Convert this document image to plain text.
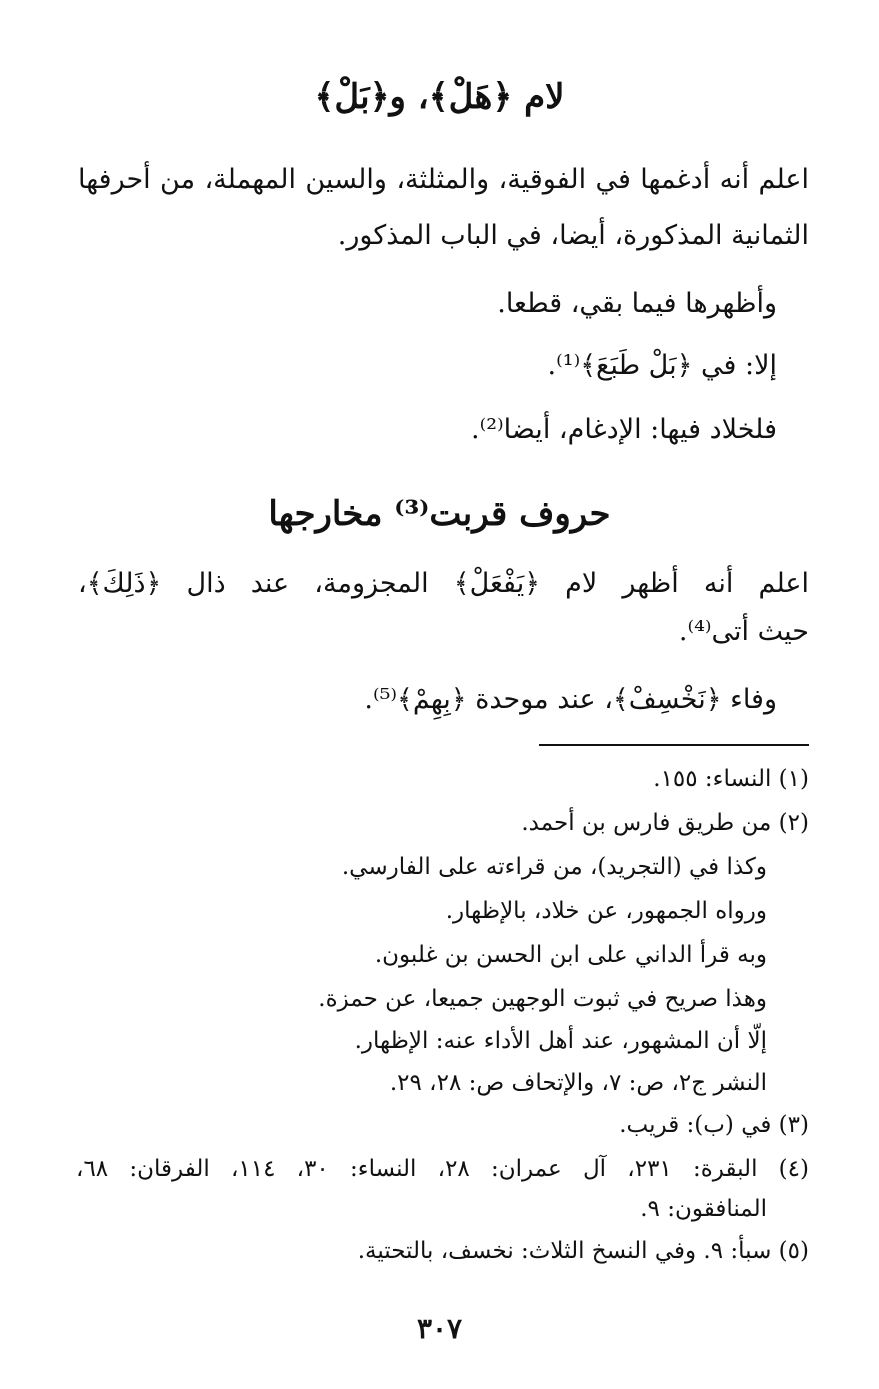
لام ﴿هَلْ﴾، و﴿بَلْ﴾
اعلم أنه أدغمها في الفوقية، والمثلثة، والسين المهملة، من أحرفها
الثمانية المذكورة، أيضا، في الباب المذكور.
وأظهرها فيما بقي، قطعا.
إلا: في ﴿بَلْ طَبَعَ﴾⁽¹⁾.
فلخلاد فيها: الإدغام، أيضا⁽²⁾.
حروف قربت⁽³⁾ مخارجها
اعلم أنه أظهر لام ﴿يَفْعَلْ﴾ المجزومة، عند ذال ﴿ذَلِكَ﴾،
حيث أتى⁽⁴⁾.
وفاء ﴿نَخْسِفْ﴾، عند موحدة ﴿بِهِمْ﴾⁽⁵⁾.
(١) النساء: ١٥٥.
(٢) من طريق فارس بن أحمد.
وكذا في (التجريد)، من قراءته على الفارسي.
ورواه الجمهور، عن خلاد، بالإظهار.
وبه قرأ الداني على ابن الحسن بن غلبون.
وهذا صريح في ثبوت الوجهين جميعا، عن حمزة.
إلّا أن المشهور، عند أهل الأداء عنه: الإظهار.
النشر ج٢، ص: ٧، والإتحاف ص: ٢٨، ٢٩.
(٣) في (ب): قريب.
(٤) البقرة: ٢٣١، آل عمران: ٢٨، النساء: ٣٠، ١١٤، الفرقان: ٦٨،
المنافقون: ٩.
(٥) سبأ: ٩. وفي النسخ الثلاث: نخسف، بالتحتية.
٣٠٧
